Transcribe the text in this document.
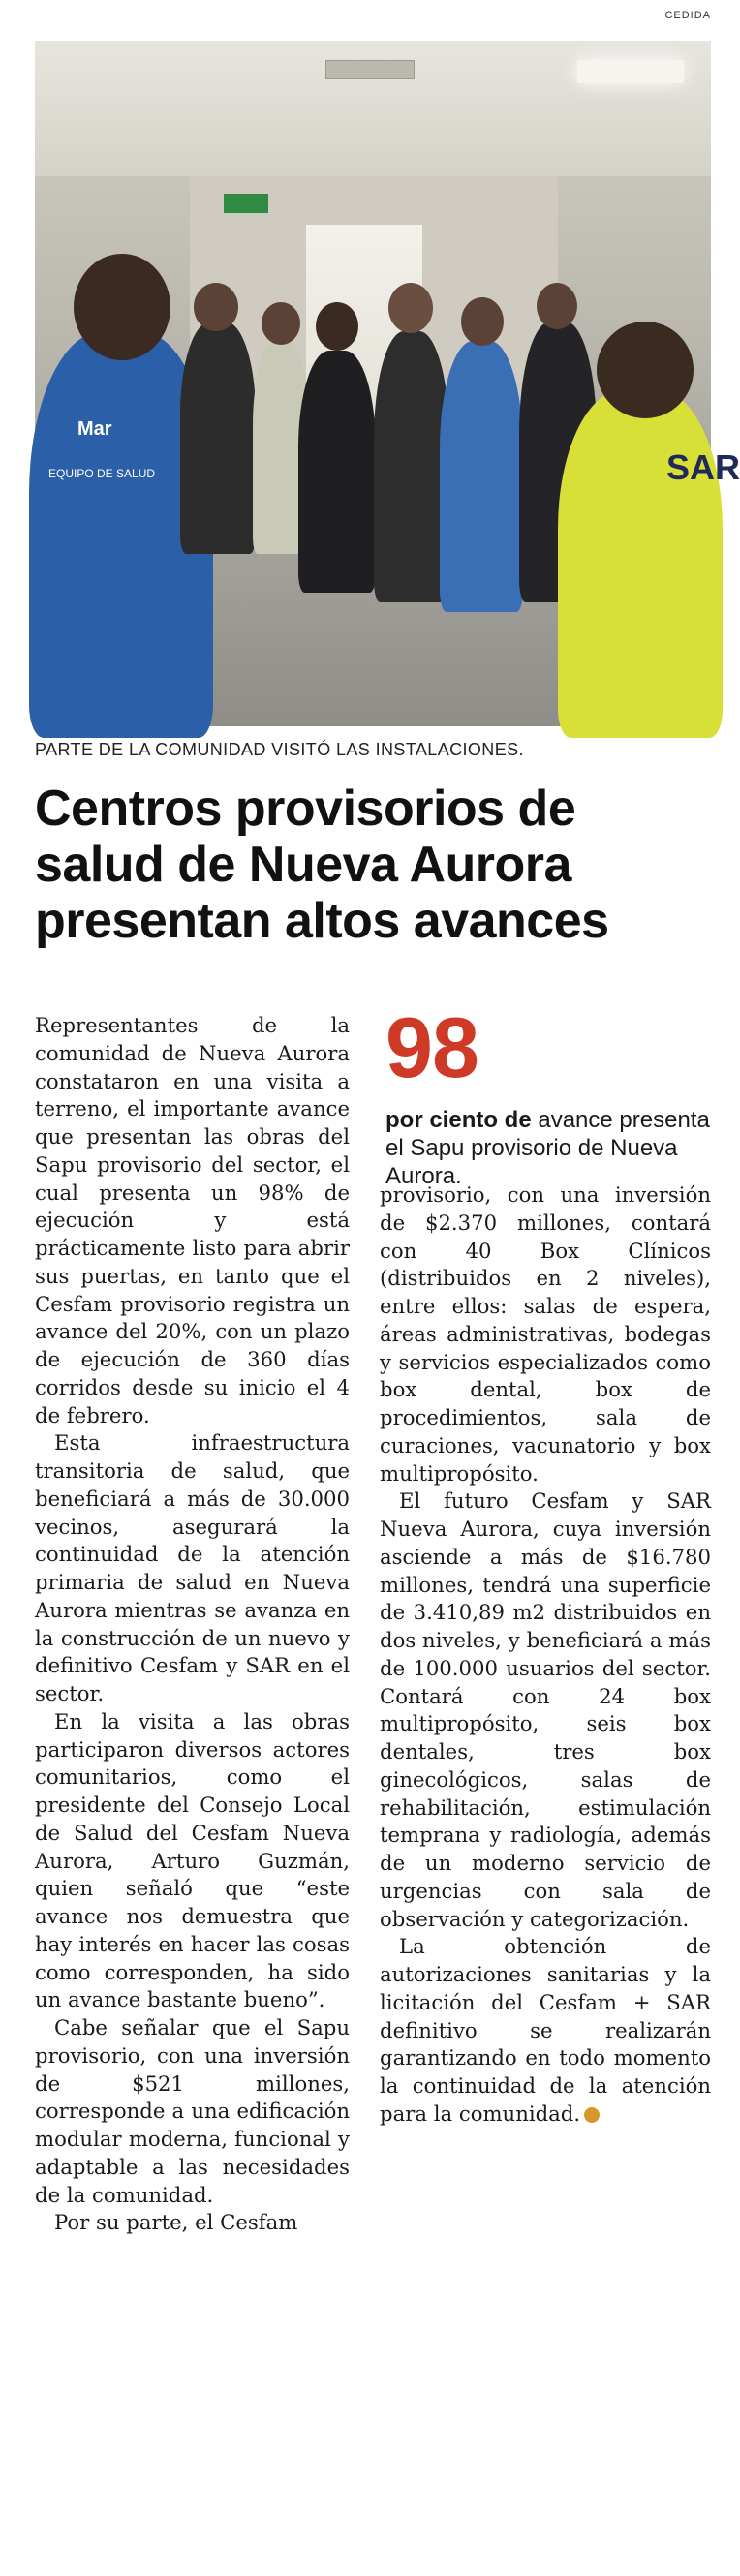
CEDIDA
Mar
EQUIPO DE SALUD	SAR

PARTE DE LA COMUNIDAD VISITÓ LAS INSTALACIONES.

Centros provisorios de salud de Nueva Aurora presentan altos avances

Representantes de la comunidad de Nueva Aurora constataron en una visita a terreno, el importante avance que presentan las obras del Sapu provisorio del sector, el cual presenta un 98% de ejecución y está prácticamente listo para abrir sus puertas, en tanto que el Cesfam provisorio registra un avance del 20%, con un plazo de ejecución de 360 días corridos desde su inicio el 4 de febrero.

Esta infraestructura transitoria de salud, que beneficiará a más de 30.000 vecinos, asegurará la continuidad de la atención primaria de salud en Nueva Aurora mientras se avanza en la construcción de un nuevo y definitivo Cesfam y SAR en el sector.

En la visita a las obras participaron diversos actores comunitarios, como el presidente del Consejo Local de Salud del Cesfam Nueva Aurora, Arturo Guzmán, quien señaló que “este avance nos demuestra que hay interés en hacer las cosas como corresponden, ha sido un avance bastante bueno”.

Cabe señalar que el Sapu provisorio, con una inversión de $521 millones, corresponde a una edificación modular moderna, funcional y adaptable a las necesidades de la comunidad.

Por su parte, el Cesfam

98

por ciento de avance presenta el Sapu provisorio de Nueva Aurora.

provisorio, con una inversión de $2.370 millones, contará con 40 Box Clínicos (distribuidos en 2 niveles), entre ellos: salas de espera, áreas administrativas, bodegas y servicios especializados como box dental, box de procedimientos, sala de curaciones, vacunatorio y box multipropósito.

El futuro Cesfam y SAR Nueva Aurora, cuya inversión asciende a más de $16.780 millones, tendrá una superficie de 3.410,89 m2 distribuidos en dos niveles, y beneficiará a más de 100.000 usuarios del sector. Contará con 24 box multipropósito, seis box dentales, tres box ginecológicos, salas de rehabilitación, estimulación temprana y radiología, además de un moderno servicio de urgencias con sala de observación y categorización.

La obtención de autorizaciones sanitarias y la licitación del Cesfam + SAR definitivo se realizarán garantizando en todo momento la continuidad de la atención para la comunidad. ✪
